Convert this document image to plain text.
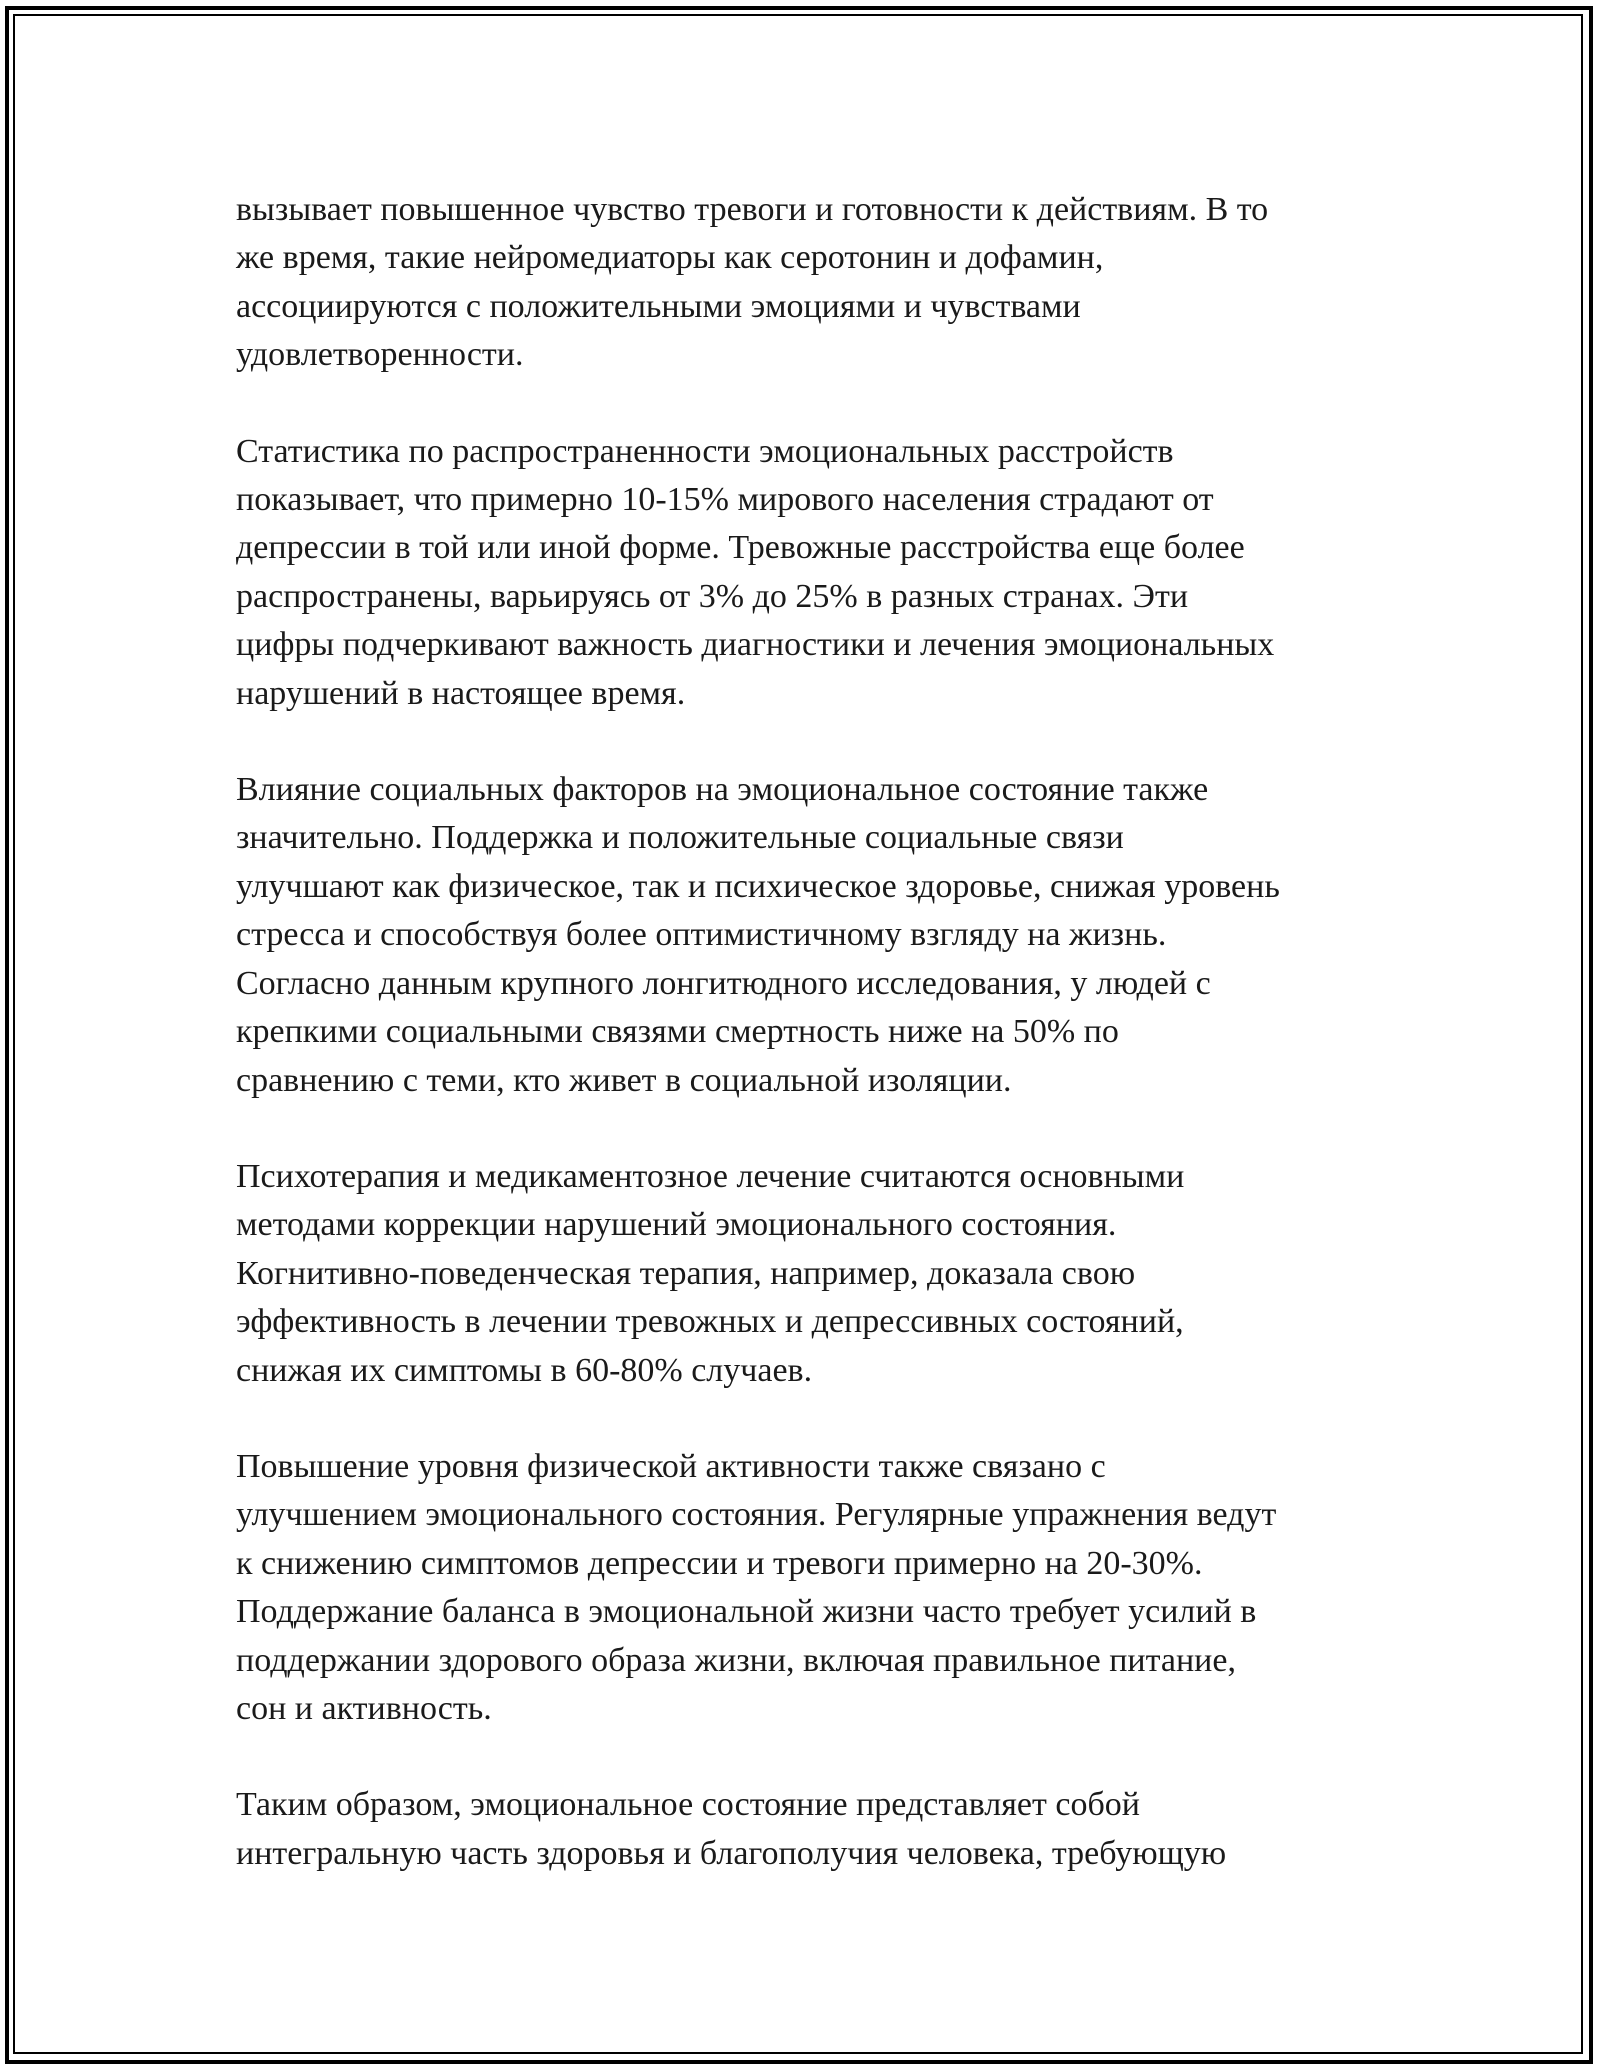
вызывает повышенное чувство тревоги и готовности к действиям. В то
же время, такие нейромедиаторы как серотонин и дофамин,
ассоциируются с положительными эмоциями и чувствами
удовлетворенности.

Статистика по распространенности эмоциональных расстройств
показывает, что примерно 10-15% мирового населения страдают от
депрессии в той или иной форме. Тревожные расстройства еще более
распространены, варьируясь от 3% до 25% в разных странах. Эти
цифры подчеркивают важность диагностики и лечения эмоциональных
нарушений в настоящее время.

Влияние социальных факторов на эмоциональное состояние также
значительно. Поддержка и положительные социальные связи
улучшают как физическое, так и психическое здоровье, снижая уровень
стресса и способствуя более оптимистичному взгляду на жизнь.
Согласно данным крупного лонгитюдного исследования, у людей с
крепкими социальными связями смертность ниже на 50% по
сравнению с теми, кто живет в социальной изоляции.

Психотерапия и медикаментозное лечение считаются основными
методами коррекции нарушений эмоционального состояния.
Когнитивно-поведенческая терапия, например, доказала свою
эффективность в лечении тревожных и депрессивных состояний,
снижая их симптомы в 60-80% случаев.

Повышение уровня физической активности также связано с
улучшением эмоционального состояния. Регулярные упражнения ведут
к снижению симптомов депрессии и тревоги примерно на 20-30%.
Поддержание баланса в эмоциональной жизни часто требует усилий в
поддержании здорового образа жизни, включая правильное питание,
сон и активность.

Таким образом, эмоциональное состояние представляет собой
интегральную часть здоровья и благополучия человека, требующую
